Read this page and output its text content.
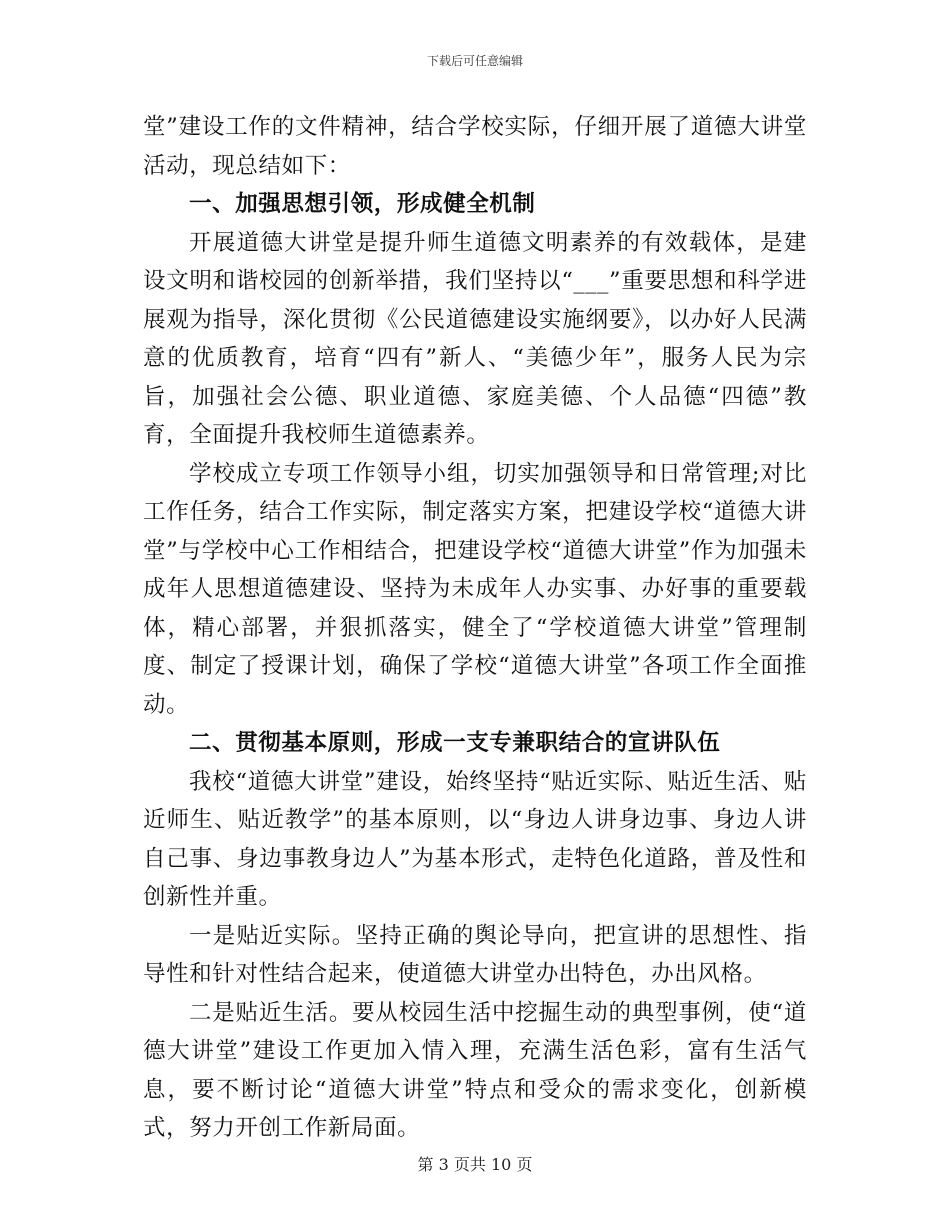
下载后可任意编辑

堂”建设工作的文件精神，结合学校实际，仔细开展了道德大讲堂活动，现总结如下：

一、加强思想引领，形成健全机制

开展道德大讲堂是提升师生道德文明素养的有效载体，是建设文明和谐校园的创新举措，我们坚持以“___”重要思想和科学进展观为指导，深化贯彻《公民道德建设实施纲要》，以办好人民满意的优质教育，培育“四有”新人、“美德少年”，服务人民为宗旨，加强社会公德、职业道德、家庭美德、个人品德“四德”教育，全面提升我校师生道德素养。

学校成立专项工作领导小组，切实加强领导和日常管理;对比工作任务，结合工作实际，制定落实方案，把建设学校“道德大讲堂”与学校中心工作相结合，把建设学校“道德大讲堂”作为加强未成年人思想道德建设、坚持为未成年人办实事、办好事的重要载体，精心部署，并狠抓落实，健全了“学校道德大讲堂”管理制度、制定了授课计划，确保了学校“道德大讲堂”各项工作全面推动。

二、贯彻基本原则，形成一支专兼职结合的宣讲队伍

我校“道德大讲堂”建设，始终坚持“贴近实际、贴近生活、贴近师生、贴近教学”的基本原则，以“身边人讲身边事、身边人讲自己事、身边事教身边人”为基本形式，走特色化道路，普及性和创新性并重。

一是贴近实际。坚持正确的舆论导向，把宣讲的思想性、指导性和针对性结合起来，使道德大讲堂办出特色，办出风格。

二是贴近生活。要从校园生活中挖掘生动的典型事例，使“道德大讲堂”建设工作更加入情入理，充满生活色彩，富有生活气息，要不断讨论“道德大讲堂”特点和受众的需求变化，创新模式，努力开创工作新局面。

第 3 页共 10 页
